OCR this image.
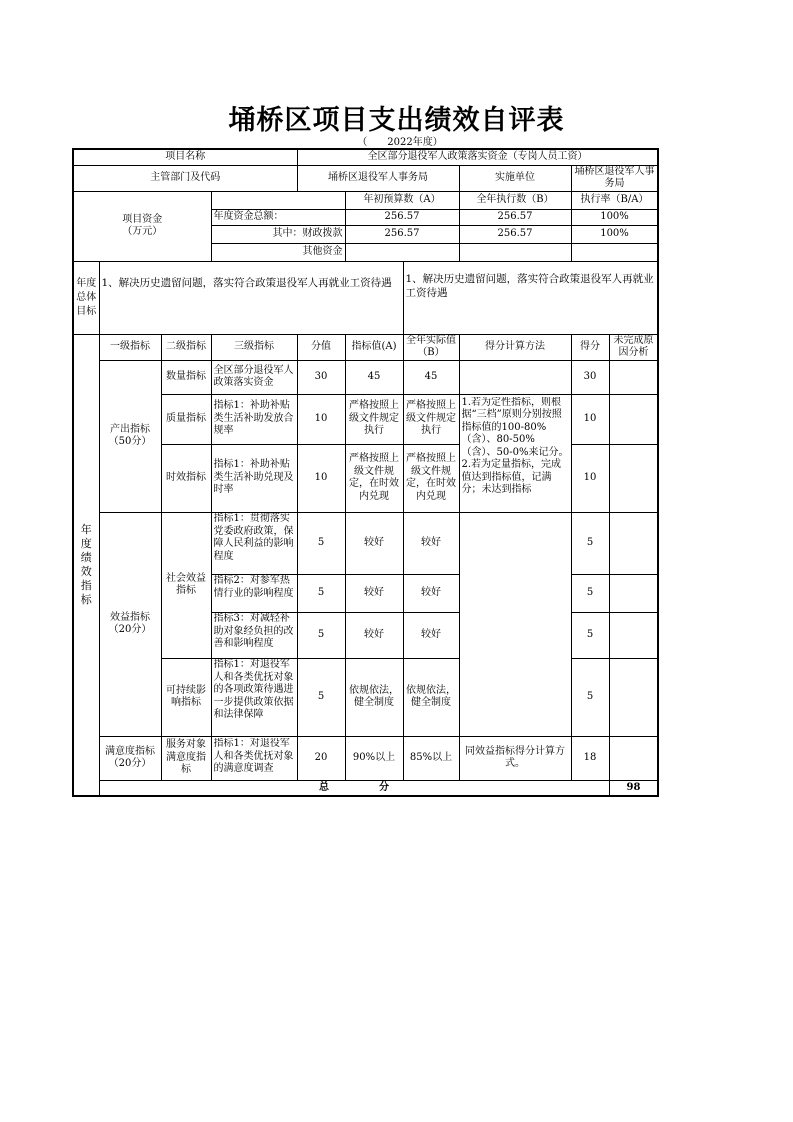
埇桥区项目支出绩效自评表
（　　2022年度）
项目名称				全区部分退役军人政策落实资金（专岗人员工资）						
主管部门及代码				埇桥区退役军人事务局			实施单位	埇桥区退役军人事务局		
项目资金
（万元）					年初预算数（A）		全年执行数（B）	执行率（B/A）		
			年度资金总额：		256.57		256.57	100%		
			其中：财政拨款		256.57		256.57	100%		
			其他资金							
年度总体目标	1、解决历史遗留问题，落实符合政策退役军人再就业工资待遇					1、解决历史遗留问题，落实符合政策退役军人再就业工资待遇				
年度绩效指标	一级指标	二级指标	三级指标	分值	指标值(A)	全年实际值（B）	得分计算方法	得分	未完成原因分析	
	产出指标
（50分）	数量指标	全区部分退役军人政策落实资金	30	45	45		30		
		质量指标	指标1：补助补贴类生活补助发放合规率	10	严格按照上级文件规定执行	严格按照上级文件规定执行	1.若为定性指标，则根据“三档”原则分别按照指标值的100-80%（含）、80-50%（含）、50-0%来记分。
2.若为定量指标，完成值达到指标值，记满分；未达到指标	10		
		时效指标	指标1：补助补贴类生活补助兑现及时率	10	严格按照上级文件规定，在时效内兑现	严格按照上级文件规定，在时效内兑现		10		
	效益指标
（20分）	社会效益指标	指标1：贯彻落实党委政府政策，保障人民利益的影响程度	5	较好	较好		5		

			指标2：对参军热情行业的影响程度	5	较好	较好		5		

			指标3：对减轻补助对象经负担的改善和影响程度	5	较好	较好		5		
		可持续影响指标	指标1：对退役军人和各类优抚对象的各项政策待遇进一步提供政策依据和法律保障	5	依规依法，健全制度	依规依法，健全制度		5		
	满意度指标
（20分）	服务对象满意度指标	指标1：对退役军人和各类优抚对象的满意度调查	20	90%以上	85%以上	同效益指标得分计算方式。	18		
	总　　　　　分								98	
